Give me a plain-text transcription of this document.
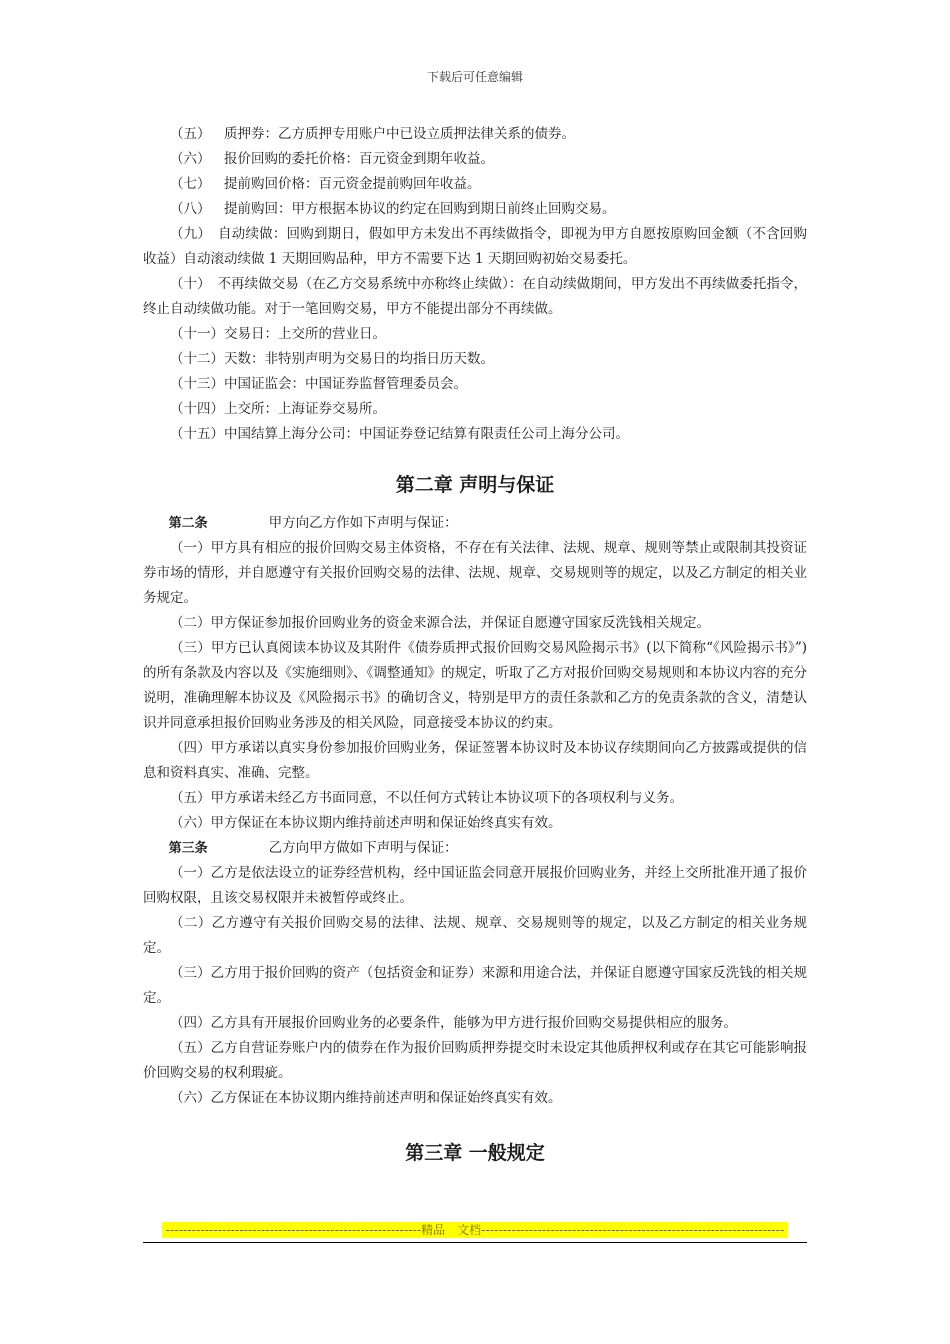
下载后可任意编辑

（五） 质押券：乙方质押专用账户中已设立质押法律关系的债券。

（六） 报价回购的委托价格：百元资金到期年收益。

（七） 提前购回价格：百元资金提前购回年收益。

（八） 提前购回：甲方根据本协议的约定在回购到期日前终止回购交易。

（九）　自动续做：回购到期日，假如甲方未发出不再续做指令，即视为甲方自愿按原购回金额（不含回购收益）自动滚动续做 1 天期回购品种，甲方不需要下达 1 天期回购初始交易委托。

（十）　不再续做交易（在乙方交易系统中亦称终止续做）：在自动续做期间，甲方发出不再续做委托指令，终止自动续做功能。对于一笔回购交易，甲方不能提出部分不再续做。

（十一）交易日：上交所的营业日。

（十二）天数：非特别声明为交易日的均指日历天数。

（十三）中国证监会：中国证券监督管理委员会。

（十四）上交所：上海证券交易所。

（十五）中国结算上海分公司：中国证券登记结算有限责任公司上海分公司。

第二章 声明与保证

第二条	甲方向乙方作如下声明与保证：

（一）甲方具有相应的报价回购交易主体资格，不存在有关法律、法规、规章、规则等禁止或限制其投资证券市场的情形，并自愿遵守有关报价回购交易的法律、法规、规章、交易规则等的规定，以及乙方制定的相关业务规定。

（二）甲方保证参加报价回购业务的资金来源合法，并保证自愿遵守国家反洗钱相关规定。

（三）甲方已认真阅读本协议及其附件《债券质押式报价回购交易风险揭示书》(以下简称“《风险揭示书》”)的所有条款及内容以及《实施细则》、《调整通知》的规定，听取了乙方对报价回购交易规则和本协议内容的充分说明，准确理解本协议及《风险揭示书》的确切含义，特别是甲方的责任条款和乙方的免责条款的含义，清楚认识并同意承担报价回购业务涉及的相关风险，同意接受本协议的约束。

（四）甲方承诺以真实身份参加报价回购业务，保证签署本协议时及本协议存续期间向乙方披露或提供的信息和资料真实、准确、完整。

（五）甲方承诺未经乙方书面同意，不以任何方式转让本协议项下的各项权利与义务。

（六）甲方保证在本协议期内维持前述声明和保证始终真实有效。

第三条	乙方向甲方做如下声明与保证：

（一）乙方是依法设立的证券经营机构，经中国证监会同意开展报价回购业务，并经上交所批准开通了报价回购权限，且该交易权限并未被暂停或终止。

（二）乙方遵守有关报价回购交易的法律、法规、规章、交易规则等的规定，以及乙方制定的相关业务规定。

（三）乙方用于报价回购的资产（包括资金和证券）来源和用途合法，并保证自愿遵守国家反洗钱的相关规定。

（四）乙方具有开展报价回购业务的必要条件，能够为甲方进行报价回购交易提供相应的服务。

（五）乙方自营证券账户内的债券在作为报价回购质押券提交时未设定其他质押权利或存在其它可能影响报价回购交易的权利瑕疵。

（六）乙方保证在本协议期内维持前述声明和保证始终真实有效。

第三章 一般规定
-----------------------------------------------------------精品　文档----------------------------------------------------------------------
